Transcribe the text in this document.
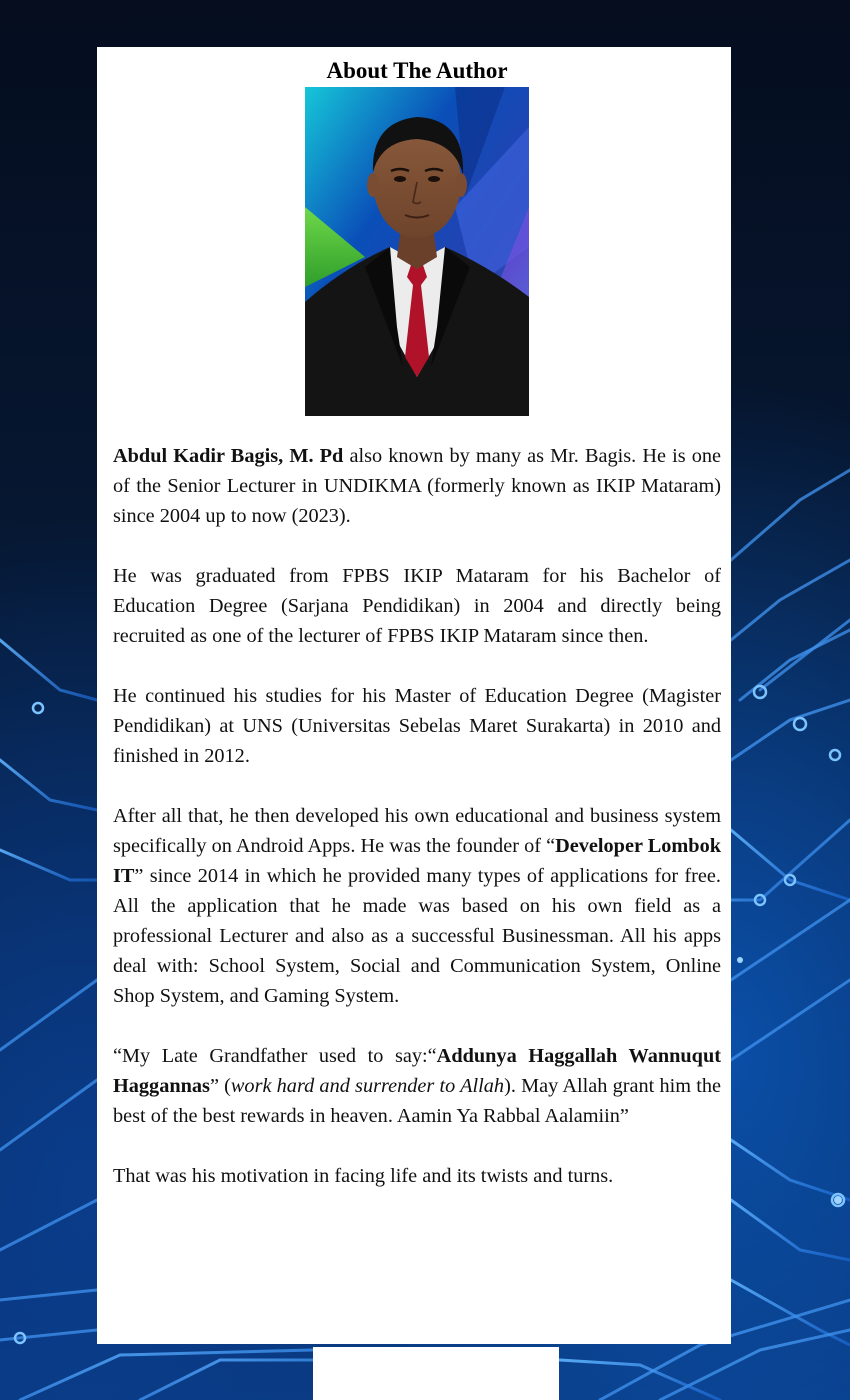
About The Author

Abdul Kadir Bagis, M. Pd also known by many as Mr. Bagis. He is one of the Senior Lecturer in UNDIKMA (formerly known as IKIP Mataram) since 2004 up to now (2023).

He was graduated from FPBS IKIP Mataram for his Bachelor of Education Degree (Sarjana Pendidikan) in 2004 and directly being recruited as one of the lecturer of FPBS IKIP Mataram since then.

He continued his studies for his Master of Education Degree (Magister Pendidikan) at UNS (Universitas Sebelas Maret Surakarta) in 2010 and finished in 2012.

After all that, he then developed his own educational and business system specifically on Android Apps. He was the founder of “Developer Lombok IT” since 2014 in which he provided many types of applications for free. All the application that he made was based on his own field as a professional Lecturer and also as a successful Businessman. All his apps deal with: School System, Social and Communication System, Online Shop System, and Gaming System.

“My Late Grandfather used to say:“Addunya Haggallah Wannuqut Haggannas” (work hard and surrender to Allah). May Allah grant him the best of the best rewards in heaven. Aamin Ya Rabbal Aalamiin”

That was his motivation in facing life and its twists and turns.
